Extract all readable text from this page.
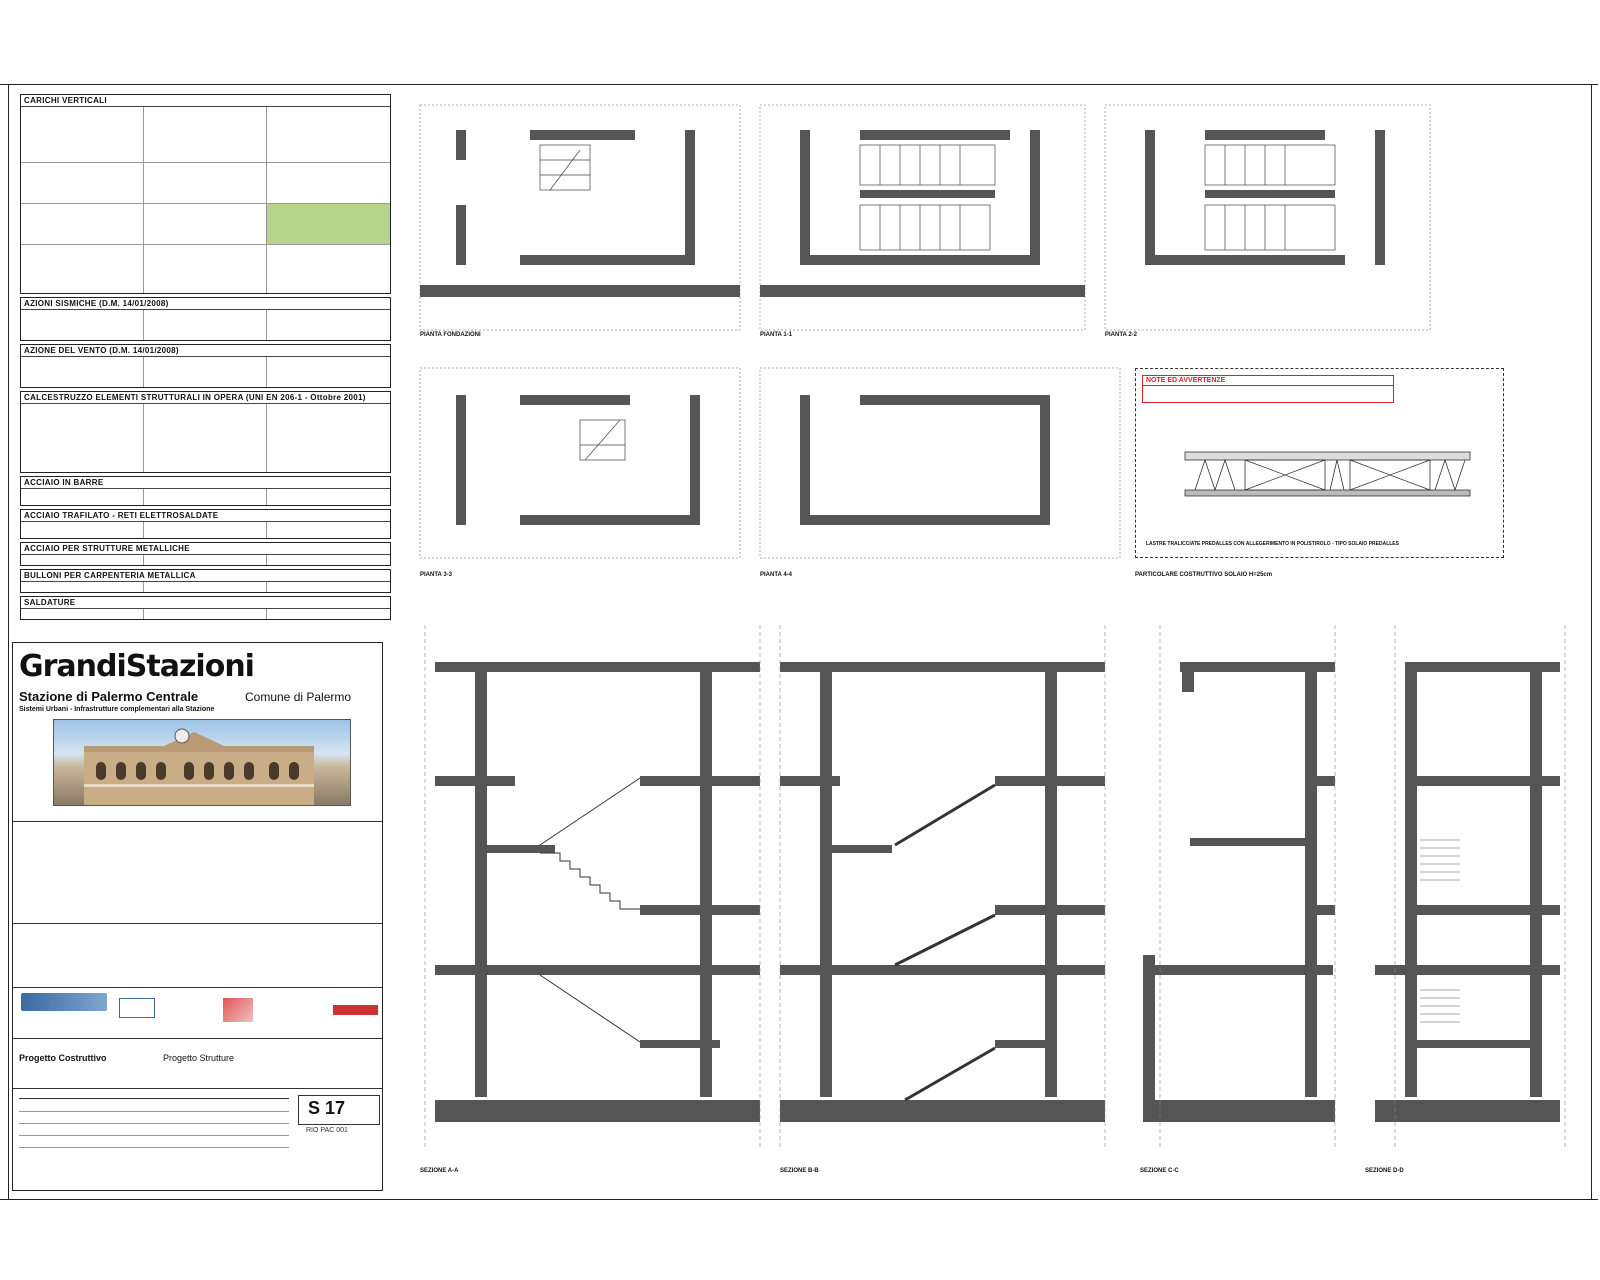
CARICHI VERTICALI
AZIONI SISMICHE (D.M. 14/01/2008)
AZIONE DEL VENTO (D.M. 14/01/2008)
CALCESTRUZZO ELEMENTI STRUTTURALI IN OPERA (UNI EN 206-1 - Ottobre 2001)
ACCIAIO IN BARRE
ACCIAIO TRAFILATO - RETI ELETTROSALDATE
ACCIAIO PER STRUTTURE METALLICHE
BULLONI PER CARPENTERIA METALLICA
SALDATURE
GrandiStazioni
Stazione di Palermo Centrale	Comune di Palermo
Sistemi Urbani - Infrastrutture complementari alla Stazione
Progetto Costruttivo	Progetto Strutture
S 17
RIO PAC 001
PIANTA FONDAZIONI	PIANTA 1-1	PIANTA 2-2
PIANTA 3-3	PIANTA 4-4	PARTICOLARE COSTRUTTIVO SOLAIO H=25cm
NOTE ED AVVERTENZE
LASTRE TRALICCIATE PREDALLES CON ALLEGERIMENTO IN POLISTIROLO - TIPO SOLAIO PREDALLES
SEZIONE A-A	SEZIONE B-B	SEZIONE C-C	SEZIONE D-D
